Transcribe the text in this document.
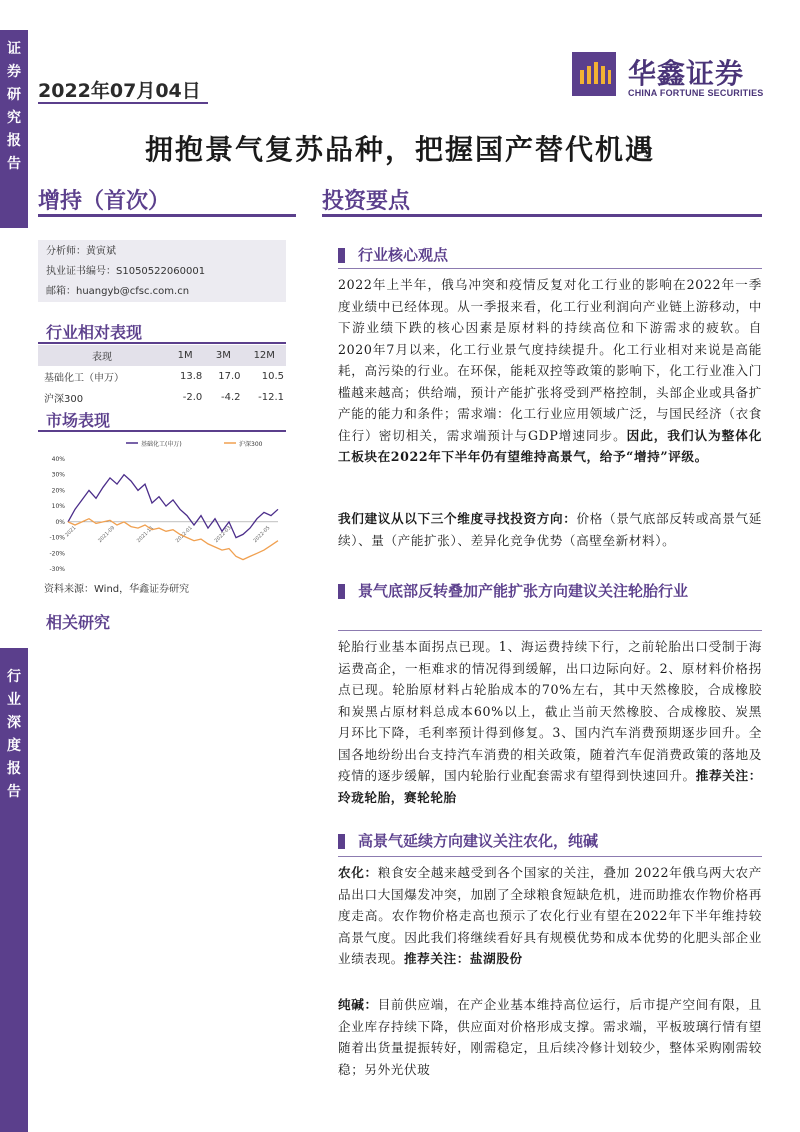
证
券
研
究
报
告
行
业
深
度
报
告
2022年07月04日
华鑫证券
CHINA FORTUNE SECURITIES
拥抱景气复苏品种，把握国产替代机遇
增持（首次）	投资要点
分析师：黄寅斌
执业证书编号：S1050522060001
邮箱：huangyb@cfsc.com.cn
行业相对表现
表现	1M	3M	12M
基础化工（申万）	13.8	17.0	10.5
沪深300	-2.0	-4.2	-12.1
市场表现
基础化工(申万)	沪深300
40%
30%
20%
10%
0%
-10%
-20%
-30%
2021	2021-09	2021-11	2022-01	2022-03	2022-05
资料来源：Wind，华鑫证券研究
相关研究
行业核心观点
2022年上半年，俄乌冲突和疫情反复对化工行业的影响在2022年一季度业绩中已经体现。从一季报来看，化工行业利润向产业链上游移动，中下游业绩下跌的核心因素是原材料的持续高位和下游需求的疲软。自2020年7月以来，化工行业景气度持续提升。化工行业相对来说是高能耗，高污染的行业。在环保，能耗双控等政策的影响下，化工行业准入门槛越来越高；供给端，预计产能扩张将受到严格控制，头部企业或具备扩产能的能力和条件；需求端：化工行业应用领域广泛，与国民经济（衣食住行）密切相关，需求端预计与GDP增速同步。因此，我们认为整体化工板块在2022年下半年仍有望维持高景气，给予“增持”评级。
我们建议从以下三个维度寻找投资方向：价格（景气底部反转或高景气延续）、量（产能扩张）、差异化竞争优势（高壁垒新材料）。
景气底部反转叠加产能扩张方向建议关注轮胎行业
轮胎行业基本面拐点已现。1、海运费持续下行，之前轮胎出口受制于海运费高企，一柜难求的情况得到缓解，出口边际向好。2、原材料价格拐点已现。轮胎原材料占轮胎成本的70%左右，其中天然橡胶，合成橡胶和炭黑占原材料总成本60%以上，截止当前天然橡胶、合成橡胶、炭黑月环比下降，毛利率预计得到修复。3、国内汽车消费预期逐步回升。全国各地纷纷出台支持汽车消费的相关政策，随着汽车促消费政策的落地及疫情的逐步缓解，国内轮胎行业配套需求有望得到快速回升。推荐关注：玲珑轮胎，赛轮轮胎
高景气延续方向建议关注农化，纯碱
农化：粮食安全越来越受到各个国家的关注，叠加 2022年俄乌两大农产品出口大国爆发冲突，加剧了全球粮食短缺危机，进而助推农作物价格再度走高。农作物价格走高也预示了农化行业有望在2022年下半年维持较高景气度。因此我们将继续看好具有规模优势和成本优势的化肥头部企业业绩表现。推荐关注：盐湖股份
纯碱：目前供应端，在产企业基本维持高位运行，后市提产空间有限，且企业库存持续下降，供应面对价格形成支撑。需求端，平板玻璃行情有望随着出货量提振转好，刚需稳定，且后续冷修计划较少，整体采购刚需较稳；另外光伏玻
